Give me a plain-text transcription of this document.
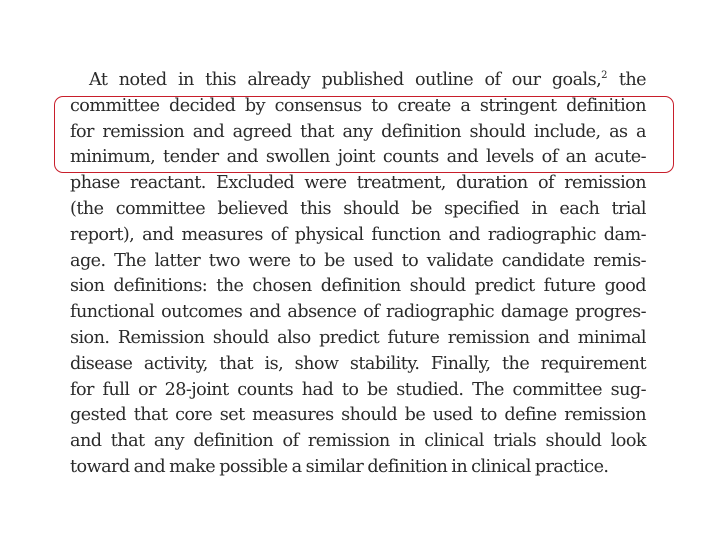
At noted in this already published outline of our goals,$^2$ the
committee decided by consensus to create a stringent definition
for remission and agreed that any definition should include, as a
minimum, tender and swollen joint counts and levels of an acute-
phase reactant. Excluded were treatment, duration of remission
(the committee believed this should be specified in each trial
report), and measures of physical function and radiographic dam-
age. The latter two were to be used to validate candidate remis-
sion definitions: the chosen definition should predict future good
functional outcomes and absence of radiographic damage progres-
sion. Remission should also predict future remission and minimal
disease activity, that is, show stability. Finally, the requirement
for full or 28-joint counts had to be studied. The committee sug-
gested that core set measures should be used to define remission
and that any definition of remission in clinical trials should look
toward and make possible a similar definition in clinical practice.
